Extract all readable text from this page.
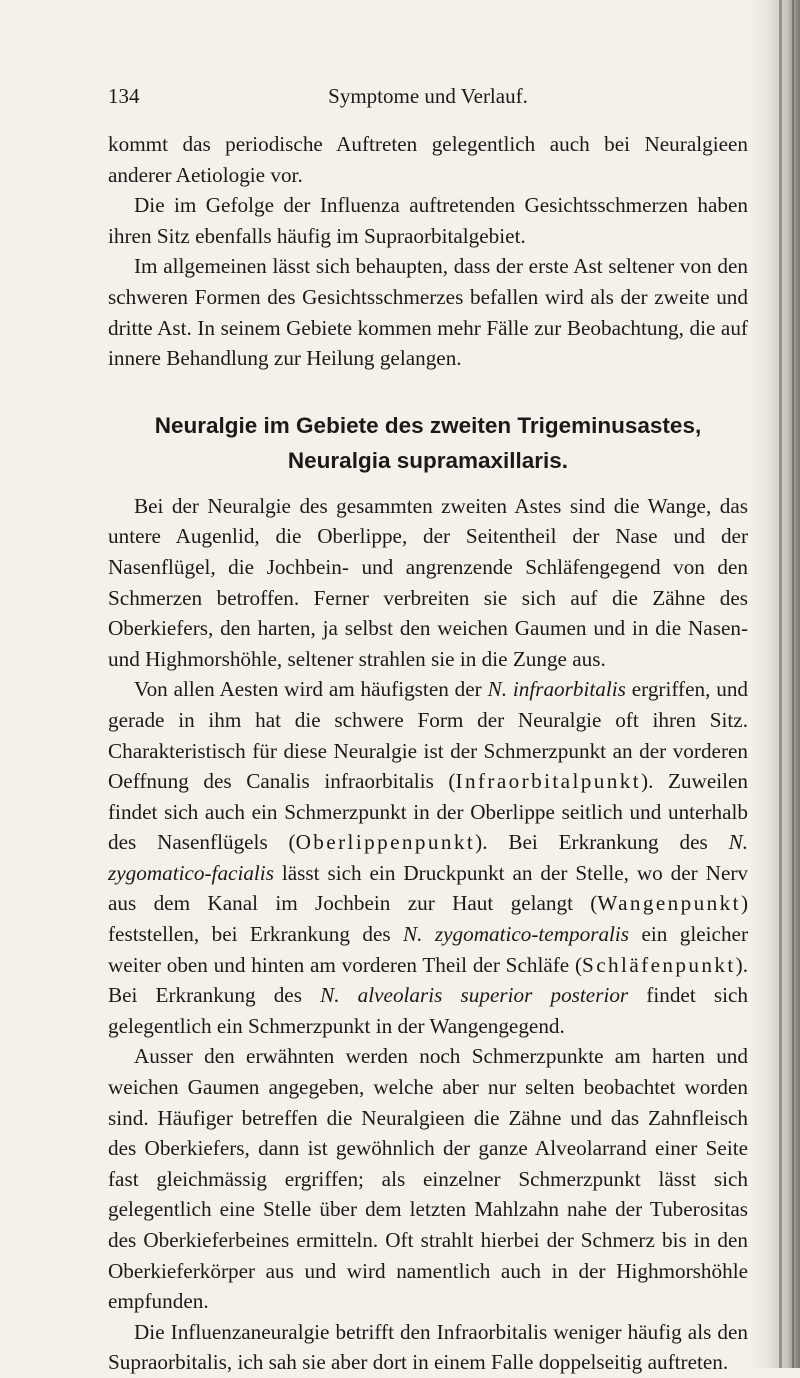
134	Symptome und Verlauf.

kommt das periodische Auftreten gelegentlich auch bei Neuralgieen anderer Aetiologie vor.

Die im Gefolge der Influenza auftretenden Gesichtsschmerzen haben ihren Sitz ebenfalls häufig im Supraorbitalgebiet.

Im allgemeinen lässt sich behaupten, dass der erste Ast seltener von den schweren Formen des Gesichtsschmerzes befallen wird als der zweite und dritte Ast. In seinem Gebiete kommen mehr Fälle zur Beobachtung, die auf innere Behandlung zur Heilung gelangen.

Neuralgie im Gebiete des zweiten Trigeminusastes,

Neuralgia supramaxillaris.

Bei der Neuralgie des gesammten zweiten Astes sind die Wange, das untere Augenlid, die Oberlippe, der Seitentheil der Nase und der Nasenflügel, die Jochbein- und angrenzende Schläfengegend von den Schmerzen betroffen. Ferner verbreiten sie sich auf die Zähne des Oberkiefers, den harten, ja selbst den weichen Gaumen und in die Nasen- und Highmorshöhle, seltener strahlen sie in die Zunge aus.

Von allen Aesten wird am häufigsten der N. infraorbitalis ergriffen, und gerade in ihm hat die schwere Form der Neuralgie oft ihren Sitz. Charakteristisch für diese Neuralgie ist der Schmerzpunkt an der vorderen Oeffnung des Canalis infraorbitalis (Infraorbitalpunkt). Zuweilen findet sich auch ein Schmerzpunkt in der Oberlippe seitlich und unterhalb des Nasenflügels (Oberlippenpunkt). Bei Erkrankung des N. zygomatico-facialis lässt sich ein Druckpunkt an der Stelle, wo der Nerv aus dem Kanal im Jochbein zur Haut gelangt (Wangenpunkt) feststellen, bei Erkrankung des N. zygomatico-temporalis ein gleicher weiter oben und hinten am vorderen Theil der Schläfe (Schläfenpunkt). Bei Erkrankung des N. alveolaris superior posterior findet sich gelegentlich ein Schmerzpunkt in der Wangengegend.

Ausser den erwähnten werden noch Schmerzpunkte am harten und weichen Gaumen angegeben, welche aber nur selten beobachtet worden sind. Häufiger betreffen die Neuralgieen die Zähne und das Zahnfleisch des Oberkiefers, dann ist gewöhnlich der ganze Alveolarrand einer Seite fast gleichmässig ergriffen; als einzelner Schmerzpunkt lässt sich gelegentlich eine Stelle über dem letzten Mahlzahn nahe der Tuberositas des Oberkieferbeines ermitteln. Oft strahlt hierbei der Schmerz bis in den Oberkieferkörper aus und wird namentlich auch in der Highmorshöhle empfunden.

Die Influenzaneuralgie betrifft den Infraorbitalis weniger häufig als den Supraorbitalis, ich sah sie aber dort in einem Falle doppelseitig auftreten.
